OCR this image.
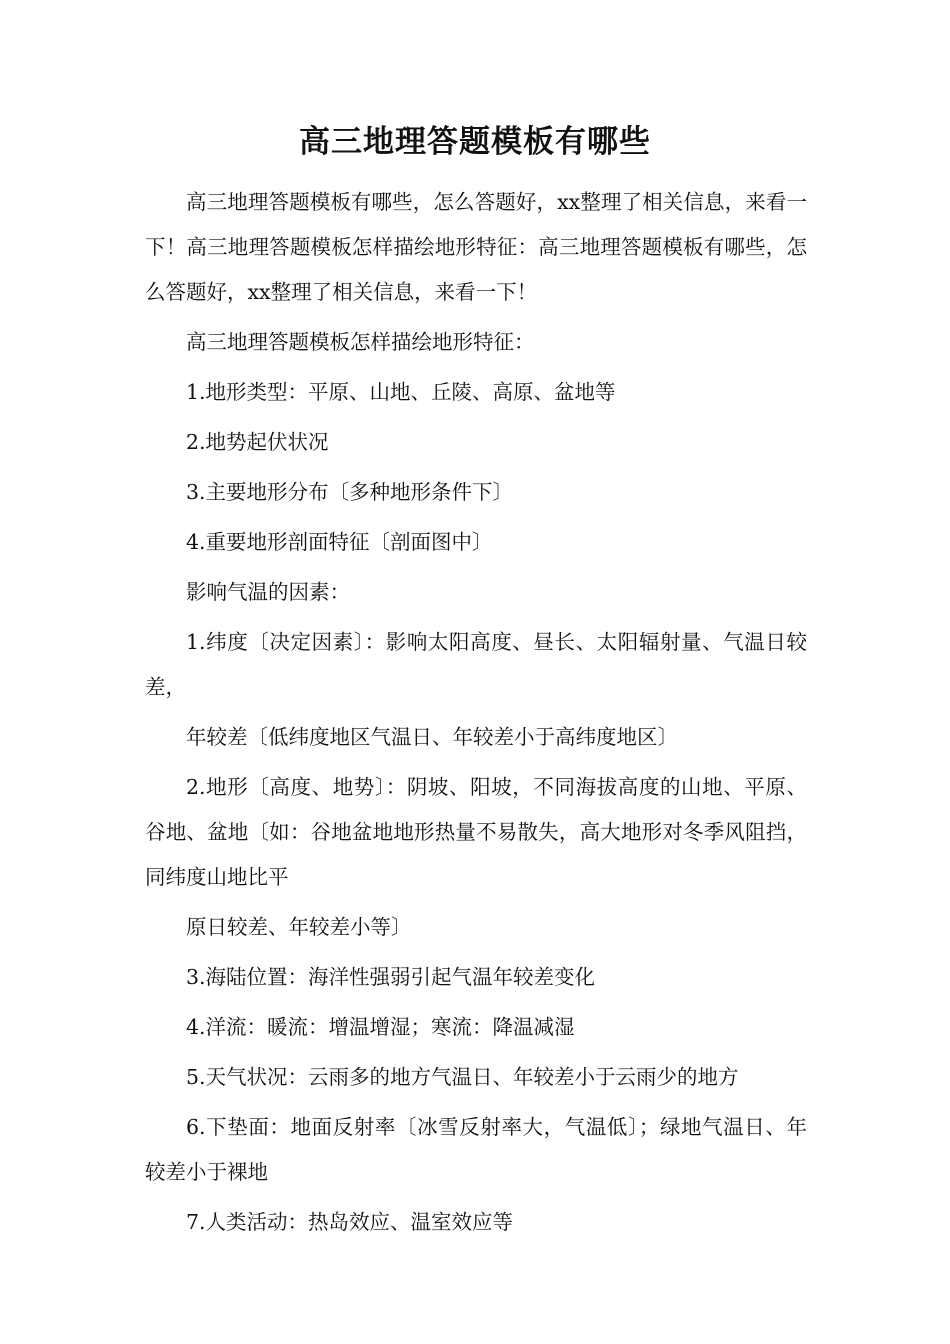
高三地理答题模板有哪些

高三地理答题模板有哪些，怎么答题好，xx整理了相关信息，来看一下！高三地理答题模板怎样描绘地形特征：高三地理答题模板有哪些，怎么答题好，xx整理了相关信息，来看一下！

高三地理答题模板怎样描绘地形特征：

1.地形类型：平原、山地、丘陵、高原、盆地等

2.地势起伏状况

3.主要地形分布〔多种地形条件下〕

4.重要地形剖面特征〔剖面图中〕

影响气温的因素：

1.纬度〔决定因素〕：影响太阳高度、昼长、太阳辐射量、气温日较差，

年较差〔低纬度地区气温日、年较差小于高纬度地区〕

2.地形〔高度、地势〕：阴坡、阳坡，不同海拔高度的山地、平原、谷地、盆地〔如：谷地盆地地形热量不易散失，高大地形对冬季风阻挡，同纬度山地比平

原日较差、年较差小等〕

3.海陆位置：海洋性强弱引起气温年较差变化

4.洋流：暖流：增温增湿；寒流：降温减湿

5.天气状况：云雨多的地方气温日、年较差小于云雨少的地方

6.下垫面：地面反射率〔冰雪反射率大，气温低〕；绿地气温日、年较差小于裸地

7.人类活动：热岛效应、温室效应等
